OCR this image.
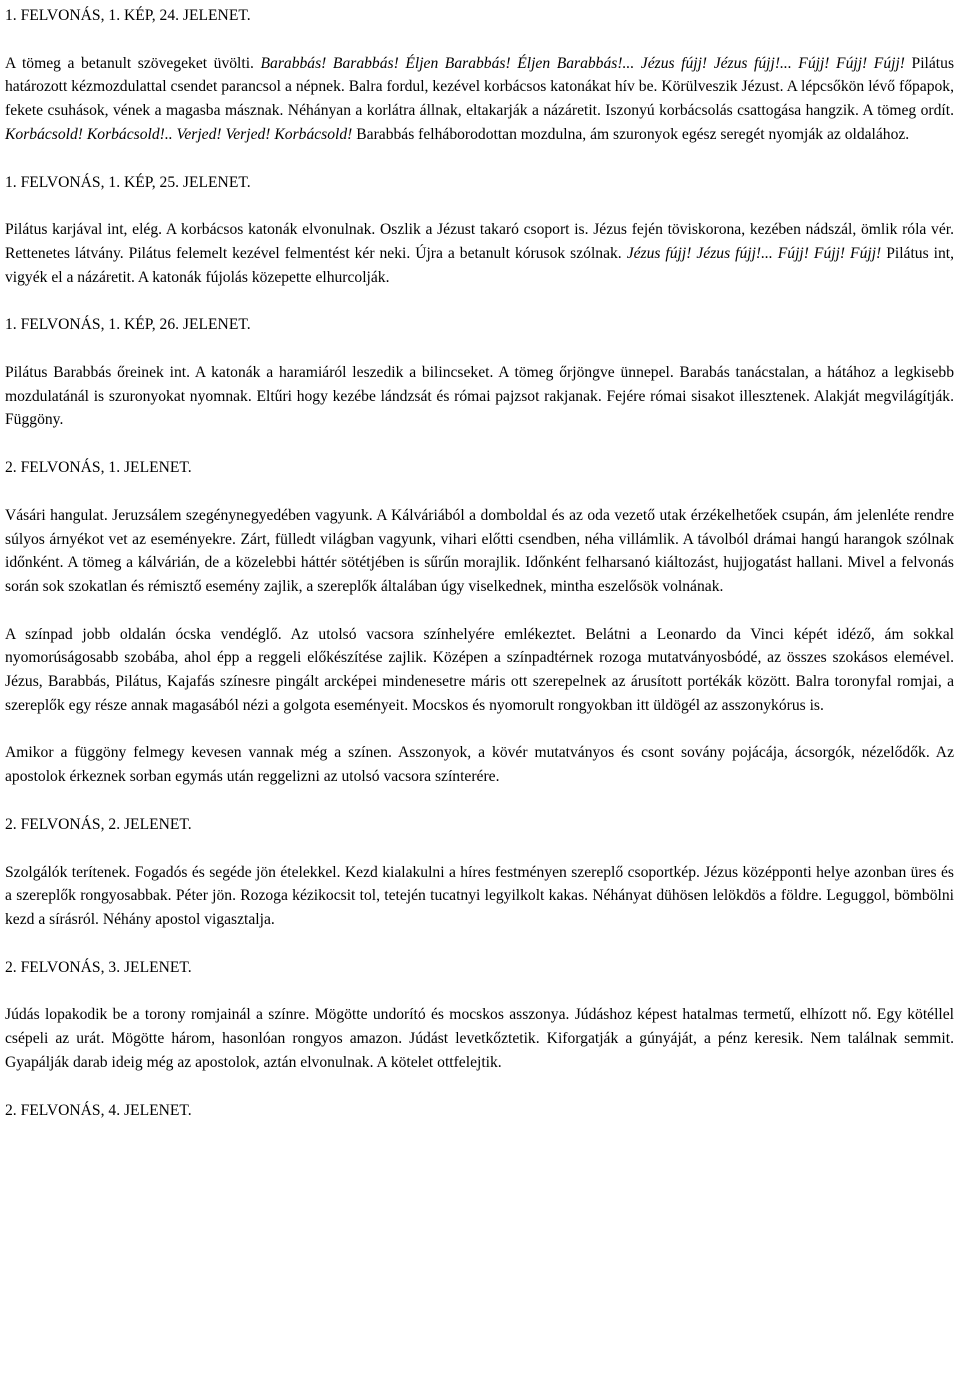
1. FELVONÁS, 1. KÉP, 24. JELENET.
A tömeg a betanult szövegeket üvölti. Barabbás! Barabbás! Éljen Barabbás! Éljen Barabbás!... Jézus fújj! Jézus fújj!... Fújj! Fújj! Fújj! Pilátus határozott kézmozdulattal csendet parancsol a népnek. Balra fordul, kezével korbácsos katonákat hív be. Körülveszik Jézust. A lépcsőkön lévő főpapok, fekete csuhások, vének a magasba másznak. Néhányan a korlátra állnak, eltakarják a názáretit. Iszonyú korbácsolás csattogása hangzik. A tömeg ordít. Korbácsold! Korbácsold!.. Verjed! Verjed! Korbácsold! Barabbás felháborodottan mozdulna, ám szuronyok egész seregét nyomják az oldalához.
1. FELVONÁS, 1. KÉP, 25. JELENET.
Pilátus karjával int, elég. A korbácsos katonák elvonulnak. Oszlik a Jézust takaró csoport is. Jézus fején töviskorona, kezében nádszál, ömlik róla vér. Rettenetes látvány. Pilátus felemelt kezével felmentést kér neki. Újra a betanult kórusok szólnak. Jézus fújj! Jézus fújj!... Fújj! Fújj! Fújj! Pilátus int, vigyék el a názáretit. A katonák fújolás közepette elhurcolják.
1. FELVONÁS, 1. KÉP, 26. JELENET.
Pilátus Barabbás őreinek int. A katonák a haramiáról leszedik a bilincseket. A tömeg őrjöngve ünnepel. Barabás tanácstalan, a hátához a legkisebb mozdulatánál is szuronyokat nyomnak. Eltűri hogy kezébe lándzsát és római pajzsot rakjanak. Fejére római sisakot illesztenek. Alakját megvilágítják. Függöny.
2. FELVONÁS, 1. JELENET.
Vásári hangulat. Jeruzsálem szegénynegyedében vagyunk. A Kálváriából a domboldal és az oda vezető utak érzékelhetőek csupán, ám jelenléte rendre súlyos árnyékot vet az eseményekre. Zárt, fülledt világban vagyunk, vihari előtti csendben, néha villámlik. A távolból drámai hangú harangok szólnak időnként. A tömeg a kálvárián, de a közelebbi háttér sötétjében is sűrűn morajlik. Időnként felharsanó kiáltozást, hujjogatást hallani. Mivel a felvonás során sok szokatlan és rémisztő esemény zajlik, a szereplők általában úgy viselkednek, mintha eszelősök volnának.
A színpad jobb oldalán ócska vendéglő. Az utolsó vacsora színhelyére emlékeztet. Belátni a Leonardo da Vinci képét idéző, ám sokkal nyomorúságosabb szobába, ahol épp a reggeli előkészítése zajlik. Középen a színpadtérnek rozoga mutatványosbódé, az összes szokásos elemével. Jézus, Barabbás, Pilátus, Kajafás színesre pingált arcképei mindenesetre máris ott szerepelnek az árusított portékák között. Balra toronyfal romjai, a szereplők egy része annak magasából nézi a golgota eseményeit. Mocskos és nyomorult rongyokban itt üldögél az asszonykórus is.
Amikor a függöny felmegy kevesen vannak még a színen. Asszonyok, a kövér mutatványos és csont sovány pojácája, ácsorgók, nézelődők. Az apostolok érkeznek sorban egymás után reggelizni az utolsó vacsora színterére.
2. FELVONÁS, 2. JELENET.
Szolgálók terítenek. Fogadós és segéde jön ételekkel. Kezd kialakulni a híres festményen szereplő csoportkép. Jézus középponti helye azonban üres és a szereplők rongyosabbak. Péter jön. Rozoga kézikocsit tol, tetején tucatnyi legyilkolt kakas. Néhányat dühösen lelökdös a földre. Leguggol, bömbölni kezd a sírásról. Néhány apostol vigasztalja.
2. FELVONÁS, 3. JELENET.
Júdás lopakodik be a torony romjainál a színre. Mögötte undorító és mocskos asszonya. Júdáshoz képest hatalmas termetű, elhízott nő. Egy kötéllel csépeli az urát. Mögötte három, hasonlóan rongyos amazon. Júdást levetkőztetik. Kiforgatják a gúnyáját, a pénz keresik. Nem találnak semmit. Gyapálják darab ideig még az apostolok, aztán elvonulnak. A kötelet ottfelejtik.
2. FELVONÁS, 4. JELENET.
